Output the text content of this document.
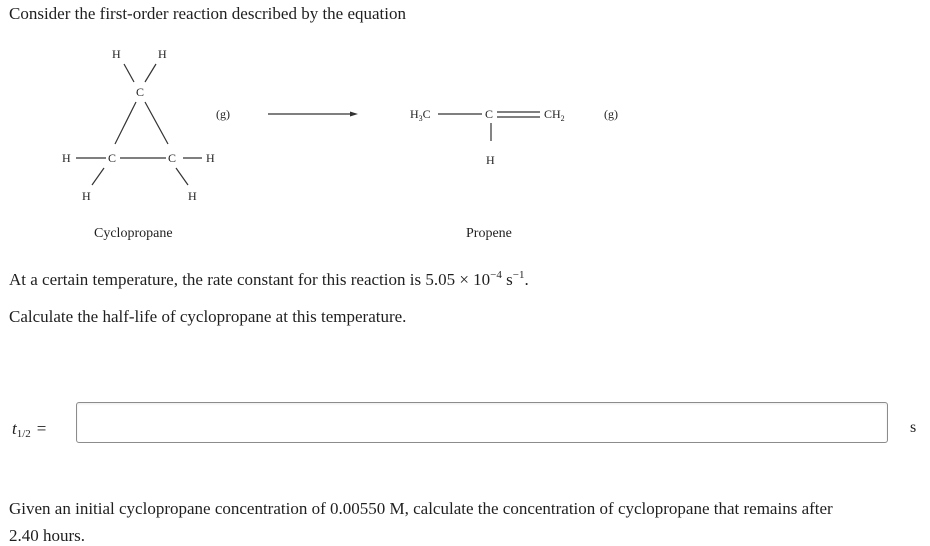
Consider the first-order reaction described by the equation
H	H
C
H	C	C H
H	H
(g)	$H_3C$	C	$CH_2$
H
(g)
Cyclopropane	Propene
At a certain temperature, the rate constant for this reaction is $5.05 \times 10^{-4}$ $s^{-1}$.
Calculate the half-life of cyclopropane at this temperature.
$t_{1/2}$ =	s
Given an initial cyclopropane concentration of 0.00550 M, calculate the concentration of cyclopropane that remains after
2.40 hours.
